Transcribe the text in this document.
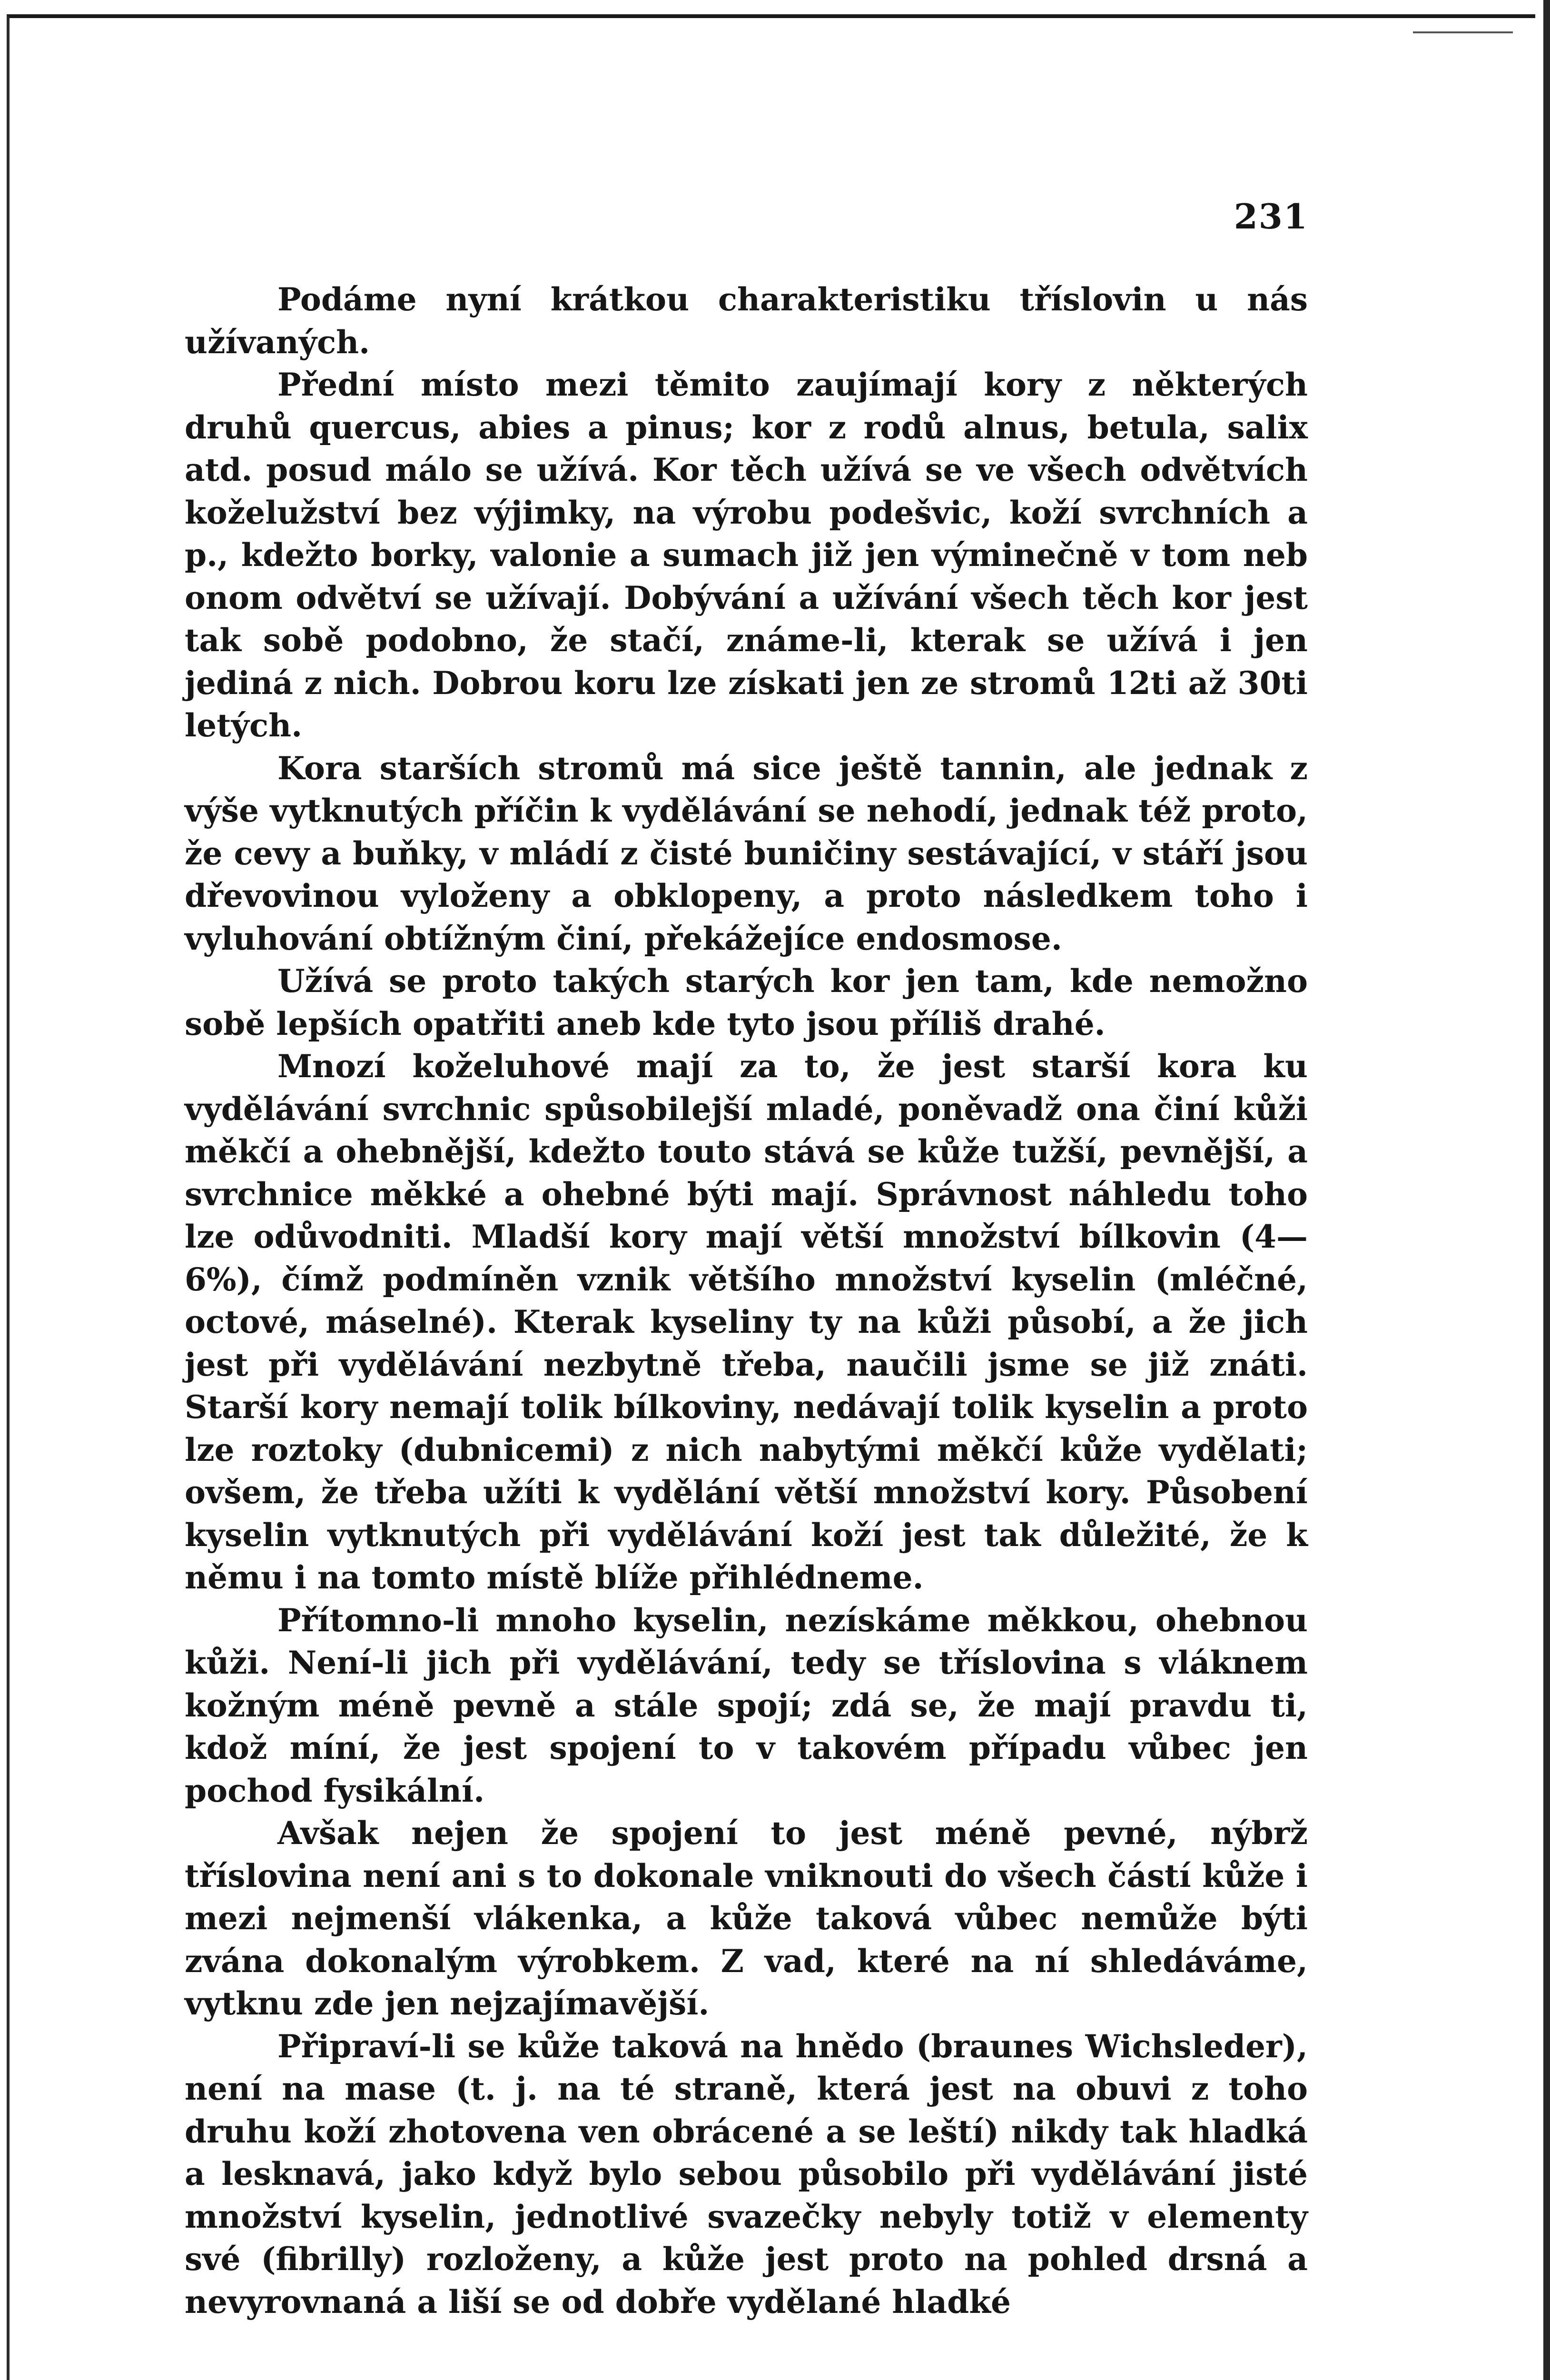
231

Podáme nyní krátkou charakteristiku tříslovin u nás užívaných.

Přední místo mezi těmito zaujímají kory z některých druhů quercus, abies a pinus; kor z rodů alnus, betula, salix atd. posud málo se užívá. Kor těch užívá se ve všech odvětvích koželužství bez výjimky, na výrobu podešvic, koží svrchních a p., kdežto borky, valonie a sumach již jen výminečně v tom neb onom odvětví se užívají. Dobývání a užívání všech těch kor jest tak sobě podobno, že stačí, známe-li, kterak se užívá i jen jediná z nich. Dobrou koru lze získati jen ze stromů 12ti až 30ti letých.

Kora starších stromů má sice ještě tannin, ale jednak z výše vytknutých příčin k vydělávání se nehodí, jednak též proto, že cevy a buňky, v mládí z čisté buničiny sestávající, v stáří jsou dřevovinou vyloženy a obklopeny, a proto následkem toho i vyluhování obtížným činí, překážejíce endosmose.

Užívá se proto takých starých kor jen tam, kde nemožno sobě lepších opatřiti aneb kde tyto jsou příliš drahé.

Mnozí koželuhové mají za to, že jest starší kora ku vydělávání svrchnic spůsobilejší mladé, poněvadž ona činí kůži měkčí a ohebnější, kdežto touto stává se kůže tužší, pevnější, a svrchnice měkké a ohebné býti mají. Správnost náhledu toho lze odůvodniti. Mladší kory mají větší množství bílkovin (4—6%), čímž podmíněn vznik většího množství kyselin (mléčné, octové, máselné). Kterak kyseliny ty na kůži působí, a že jich jest při vydělávání nezbytně třeba, naučili jsme se již znáti. Starší kory nemají tolik bílkoviny, nedávají tolik kyselin a proto lze roztoky (dubnicemi) z nich nabytými měkčí kůže vydělati; ovšem, že třeba užíti k vydělání větší množství kory. Působení kyselin vytknutých při vydělávání koží jest tak důležité, že k němu i na tomto místě blíže přihlédneme.

Přítomno-li mnoho kyselin, nezískáme měkkou, ohebnou kůži. Není-li jich při vydělávání, tedy se tříslovina s vláknem kožným méně pevně a stále spojí; zdá se, že mají pravdu ti, kdož míní, že jest spojení to v takovém případu vůbec jen pochod fysikální.

Avšak nejen že spojení to jest méně pevné, nýbrž tříslovina není ani s to dokonale vniknouti do všech částí kůže i mezi nejmenší vlákenka, a kůže taková vůbec nemůže býti zvána dokonalým výrobkem. Z vad, které na ní shledáváme, vytknu zde jen nejzajímavější.

Připraví-li se kůže taková na hnědo (braunes Wichsleder), není na mase (t. j. na té straně, která jest na obuvi z toho druhu koží zhotovena ven obrácené a se leští) nikdy tak hladká a lesknavá, jako když bylo sebou působilo při vydělávání jisté množství kyselin, jednotlivé svazečky nebyly totiž v elementy své (fibrilly) rozloženy, a kůže jest proto na pohled drsná a nevyrovnaná a liší se od dobře vydělané hladké
